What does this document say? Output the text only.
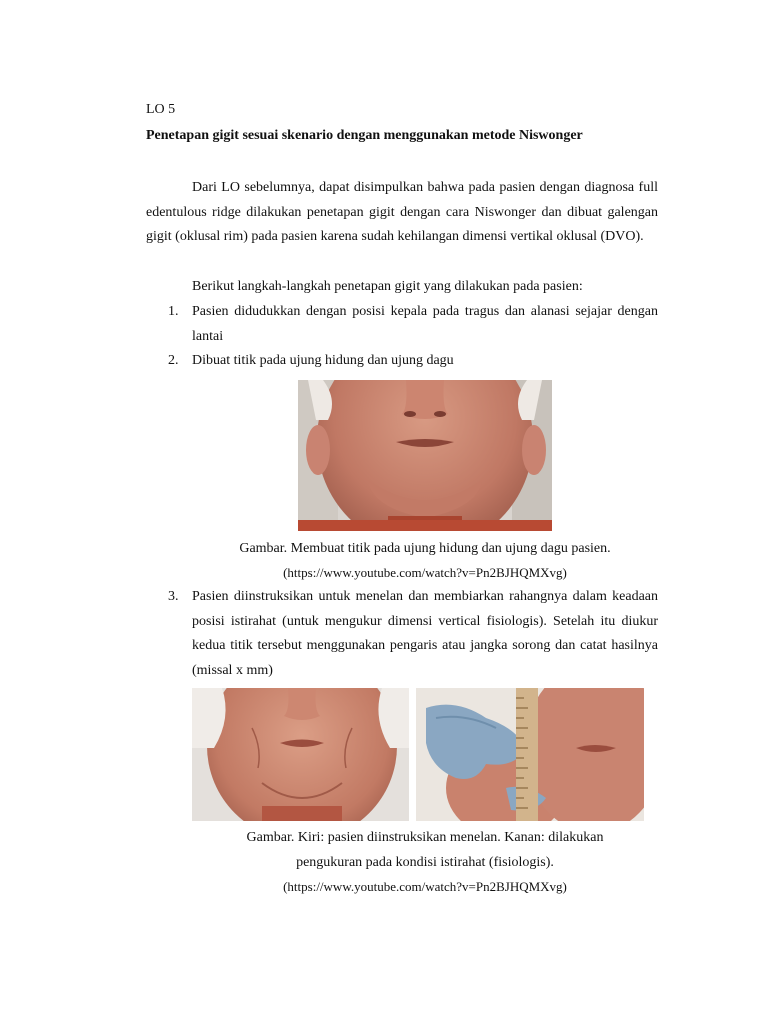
LO 5
Penetapan gigit sesuai skenario dengan menggunakan metode Niswonger

Dari LO sebelumnya, dapat disimpulkan bahwa pada pasien dengan diagnosa full edentulous ridge dilakukan penetapan gigit dengan cara Niswonger dan dibuat galengan gigit (oklusal rim) pada pasien karena sudah kehilangan dimensi vertikal oklusal (DVO).

Berikut langkah-langkah penetapan gigit yang dilakukan pada pasien:

1. Pasien didudukkan dengan posisi kepala pada tragus dan alanasi sejajar dengan lantai
2. Dibuat titik pada ujung hidung dan ujung dagu

Gambar. Membuat titik pada ujung hidung dan ujung dagu pasien.

(https://www.youtube.com/watch?v=Pn2BJHQMXvg)

3. Pasien diinstruksikan untuk menelan dan membiarkan rahangnya dalam keadaan posisi istirahat (untuk mengukur dimensi vertical fisiologis). Setelah itu diukur kedua titik tersebut menggunakan pengaris atau jangka sorong dan catat hasilnya (missal x mm)

Gambar. Kiri: pasien diinstruksikan menelan. Kanan: dilakukan

pengukuran pada kondisi istirahat (fisiologis).

(https://www.youtube.com/watch?v=Pn2BJHQMXvg)
